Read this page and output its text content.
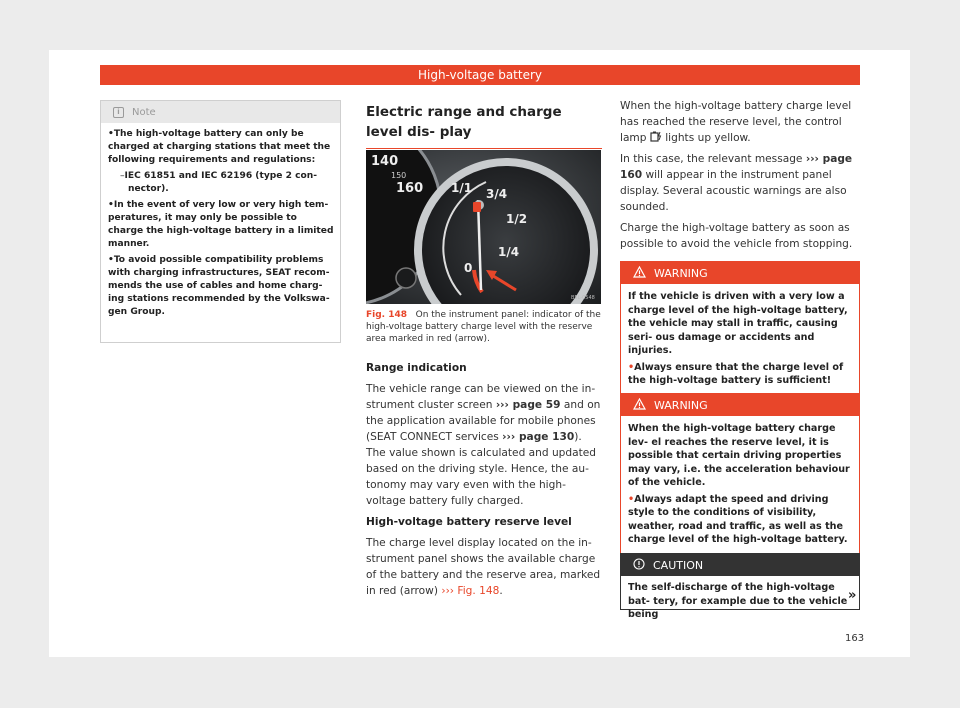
High-voltage battery
i	Note

• The high-voltage battery can only be charged at charging stations that meet the following requirements and regulations:

– IEC 61851 and IEC 62196 (type 2 con- nector).

• In the event of very low or very high tem- peratures, it may only be possible to charge the high-voltage battery in a limited manner.

• To avoid possible compatibility problems with charging infrastructures, SEAT recom- mends the use of cables and home charg- ing stations recommended by the Volkswa- gen Group.

Electric range and charge level dis- play
140
150
160 1/1 3/4
1/2
1/4
0
B5L-0548
Fig. 148 On the instrument panel: indicator of the high-voltage battery charge level with the reserve area marked in red (arrow).

Range indication

The vehicle range can be viewed on the in- strument cluster screen ››› page 59 and on the application available for mobile phones (SEAT CONNECT services ››› page 130). The value shown is calculated and updated based on the driving style. Hence, the au- tonomy may vary even with the high-voltage battery fully charged.

High-voltage battery reserve level

The charge level display located on the in- strument panel shows the available charge of the battery and the reserve area, marked in red (arrow) ››› Fig. 148.

When the high-voltage battery charge level has reached the reserve level, the control lamp lights up yellow.

In this case, the relevant message ››› page 160 will appear in the instrument panel display. Several acoustic warnings are also sounded.

Charge the high-voltage battery as soon as possible to avoid the vehicle from stopping.

WARNING

If the vehicle is driven with a very low a charge level of the high-voltage battery, the vehicle may stall in traffic, causing seri- ous damage or accidents and injuries.

• Always ensure that the charge level of the high-voltage battery is sufficient!

WARNING

When the high-voltage battery charge lev- el reaches the reserve level, it is possible that certain driving properties may vary, i.e. the acceleration behaviour of the vehicle.

• Always adapt the speed and driving style to the conditions of visibility, weather, road and traffic, as well as the charge level of the high-voltage battery.

CAUTION
The self-discharge of the high-voltage bat- tery, for example due to the vehicle being
»
163
